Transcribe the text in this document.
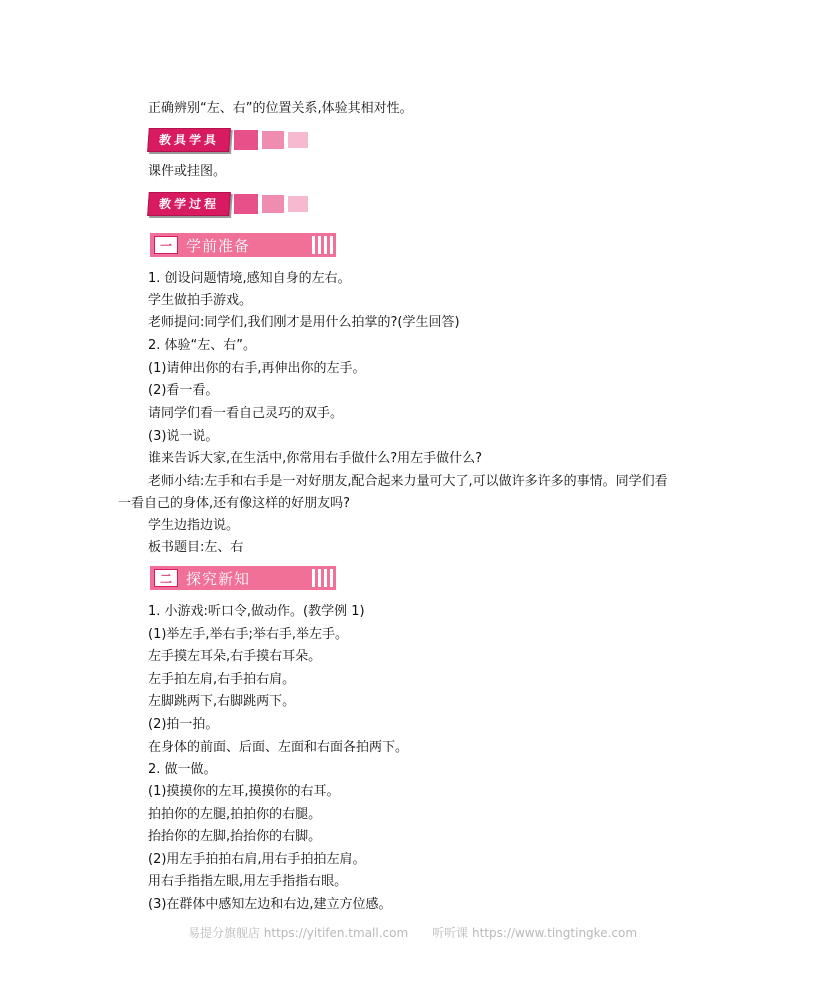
正确辨别“左、右”的位置关系,体验其相对性。
教具学具
课件或挂图。
教学过程
一 学前准备
1. 创设问题情境,感知自身的左右。
学生做拍手游戏。
老师提问:同学们,我们刚才是用什么拍掌的?(学生回答)
2. 体验“左、右”。
(1)请伸出你的右手,再伸出你的左手。
(2)看一看。
请同学们看一看自己灵巧的双手。
(3)说一说。
谁来告诉大家,在生活中,你常用右手做什么?用左手做什么?
老师小结:左手和右手是一对好朋友,配合起来力量可大了,可以做许多许多的事情。同学们看
一看自己的身体,还有像这样的好朋友吗?
学生边指边说。
板书题目:左、右
二 探究新知
1. 小游戏:听口令,做动作。(教学例 1)
(1)举左手,举右手;举右手,举左手。
左手摸左耳朵,右手摸右耳朵。
左手拍左肩,右手拍右肩。
左脚跳两下,右脚跳两下。
(2)拍一拍。
在身体的前面、后面、左面和右面各拍两下。
2. 做一做。
(1)摸摸你的左耳,摸摸你的右耳。
拍拍你的左腿,拍拍你的右腿。
抬抬你的左脚,抬抬你的右脚。
(2)用左手拍拍右肩,用右手拍拍左肩。
用右手指指左眼,用左手指指右眼。
(3)在群体中感知左边和右边,建立方位感。
易提分旗舰店 https://yitifen.tmall.com　　听听课 https://www.tingtingke.com
